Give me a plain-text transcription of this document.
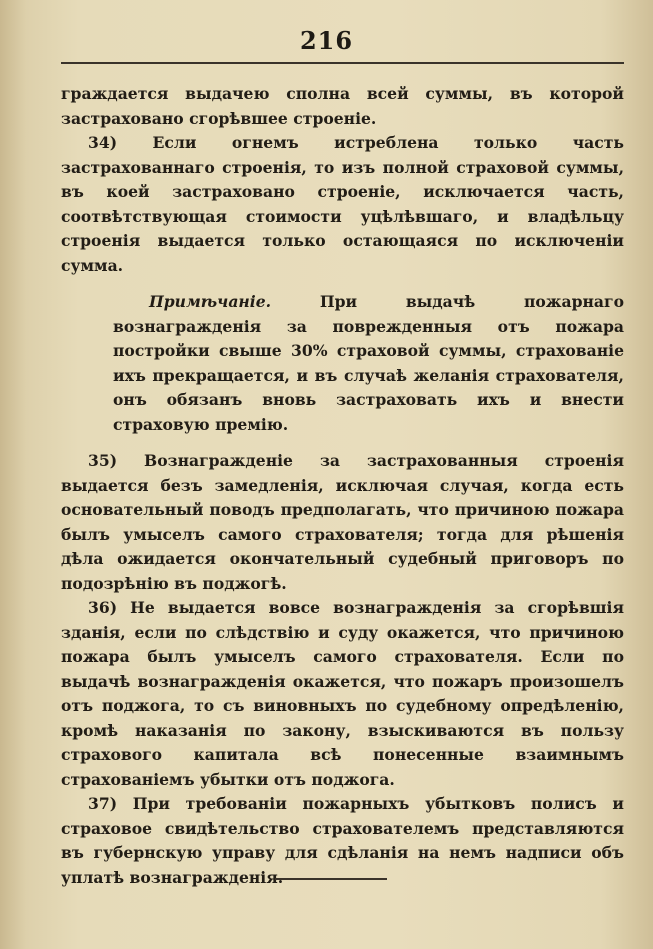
216

граждается выдачею сполна всей суммы, въ которой застраховано сгорѣвшее строеніе.

34) Если огнемъ истреблена только часть застрахованнаго строенія, то изъ полной страховой суммы, въ коей застраховано строеніе, исключается часть, соотвѣтствующая стоимости уцѣлѣвшаго, и владѣльцу строенія выдается только остающаяся по исключеніи сумма.

Примѣчаніе. При выдачѣ пожарнаго вознагражденія за поврежденныя отъ пожара постройки свыше 30% страховой суммы, страхованіе ихъ прекращается, и въ случаѣ желанія страхователя, онъ обязанъ вновь застраховать ихъ и внести страховую премію.

35) Вознагражденіе за застрахованныя строенія выдается безъ замедленія, исключая случая, когда есть основательный поводъ предполагать, что причиною пожара былъ умыселъ самого страхователя; тогда для рѣшенія дѣла ожидается окончательный судебный приговоръ по подозрѣнію въ поджогѣ.

36) Не выдается вовсе вознагражденія за сгорѣвшія зданія, если по слѣдствію и суду окажется, что причиною пожара былъ умыселъ самого страхователя. Если по выдачѣ вознагражденія окажется, что пожаръ произошелъ отъ поджога, то съ виновныхъ по судебному опредѣленію, кромѣ наказанія по закону, взыскиваются въ пользу страхового капитала всѣ понесенные взаимнымъ страхованіемъ убытки отъ поджога.

37) При требованіи пожарныхъ убытковъ полисъ и страховое свидѣтельство страхователемъ представляются въ губернскую управу для сдѣланія на немъ надписи объ уплатѣ вознагражденія.
